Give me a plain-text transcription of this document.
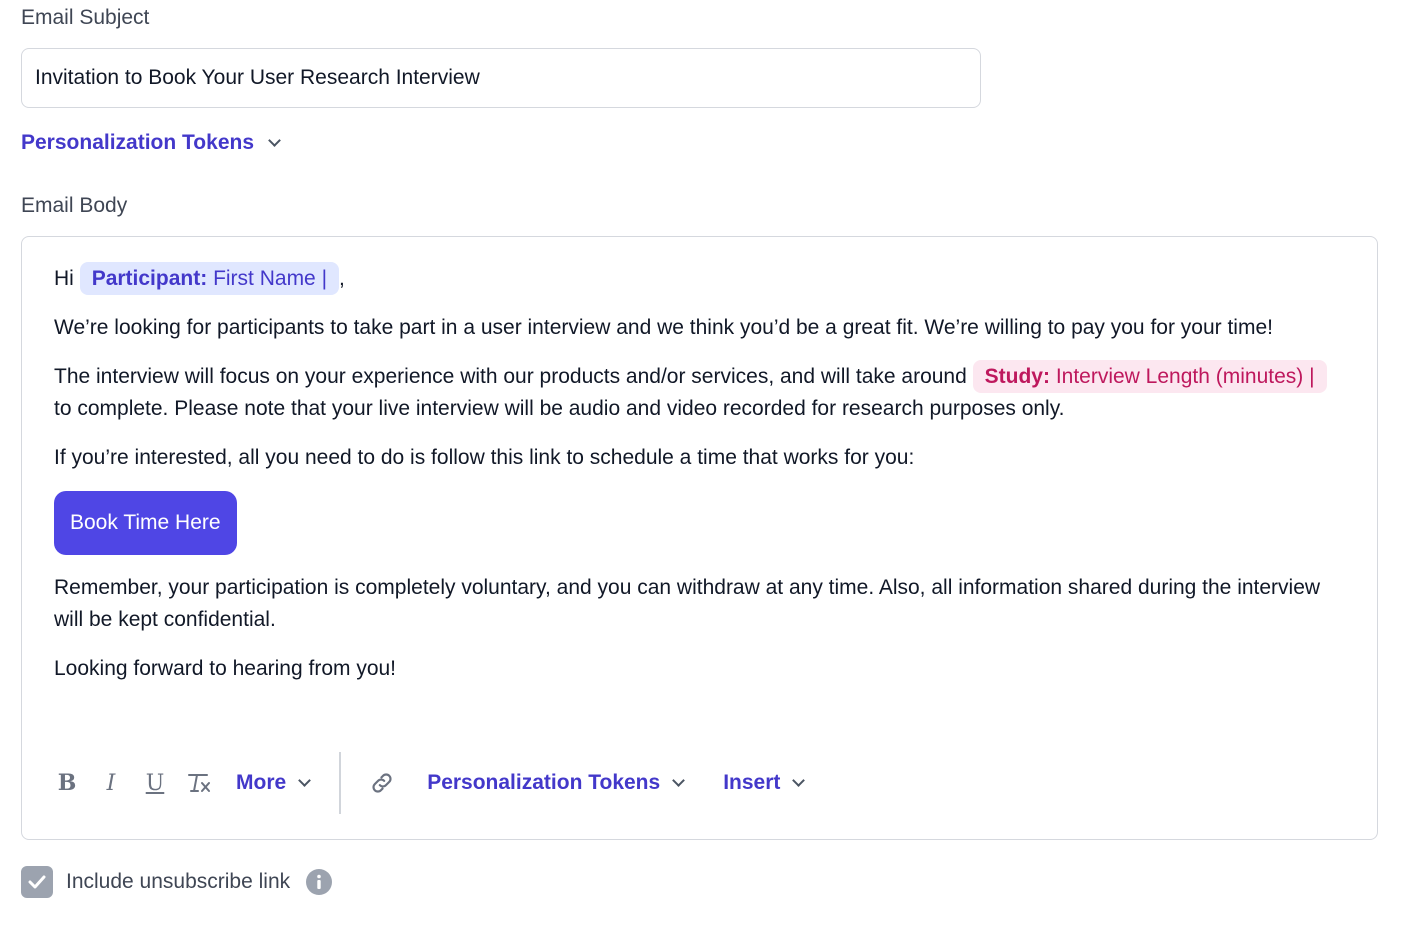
Email Subject
Invitation to Book Your User Research Interview
Personalization Tokens
Email Body

Hi Participant: First Name | ,

We’re looking for participants to take part in a user interview and we think you’d be a great fit. We’re willing to pay you for your time!

The interview will focus on your experience with our products and/or services, and will take around Study: Interview Length (minutes) | to complete. Please note that your live interview will be audio and video recorded for research purposes only.

If you’re interested, all you need to do is follow this link to schedule a time that works for you:

Book Time Here

Remember, your participation is completely voluntary, and you can withdraw at any time. Also, all information shared during the interview will be kept confidential.

Looking forward to hearing from you!

B I U	More	Personalization Tokens	Insert
Include unsubscribe link
